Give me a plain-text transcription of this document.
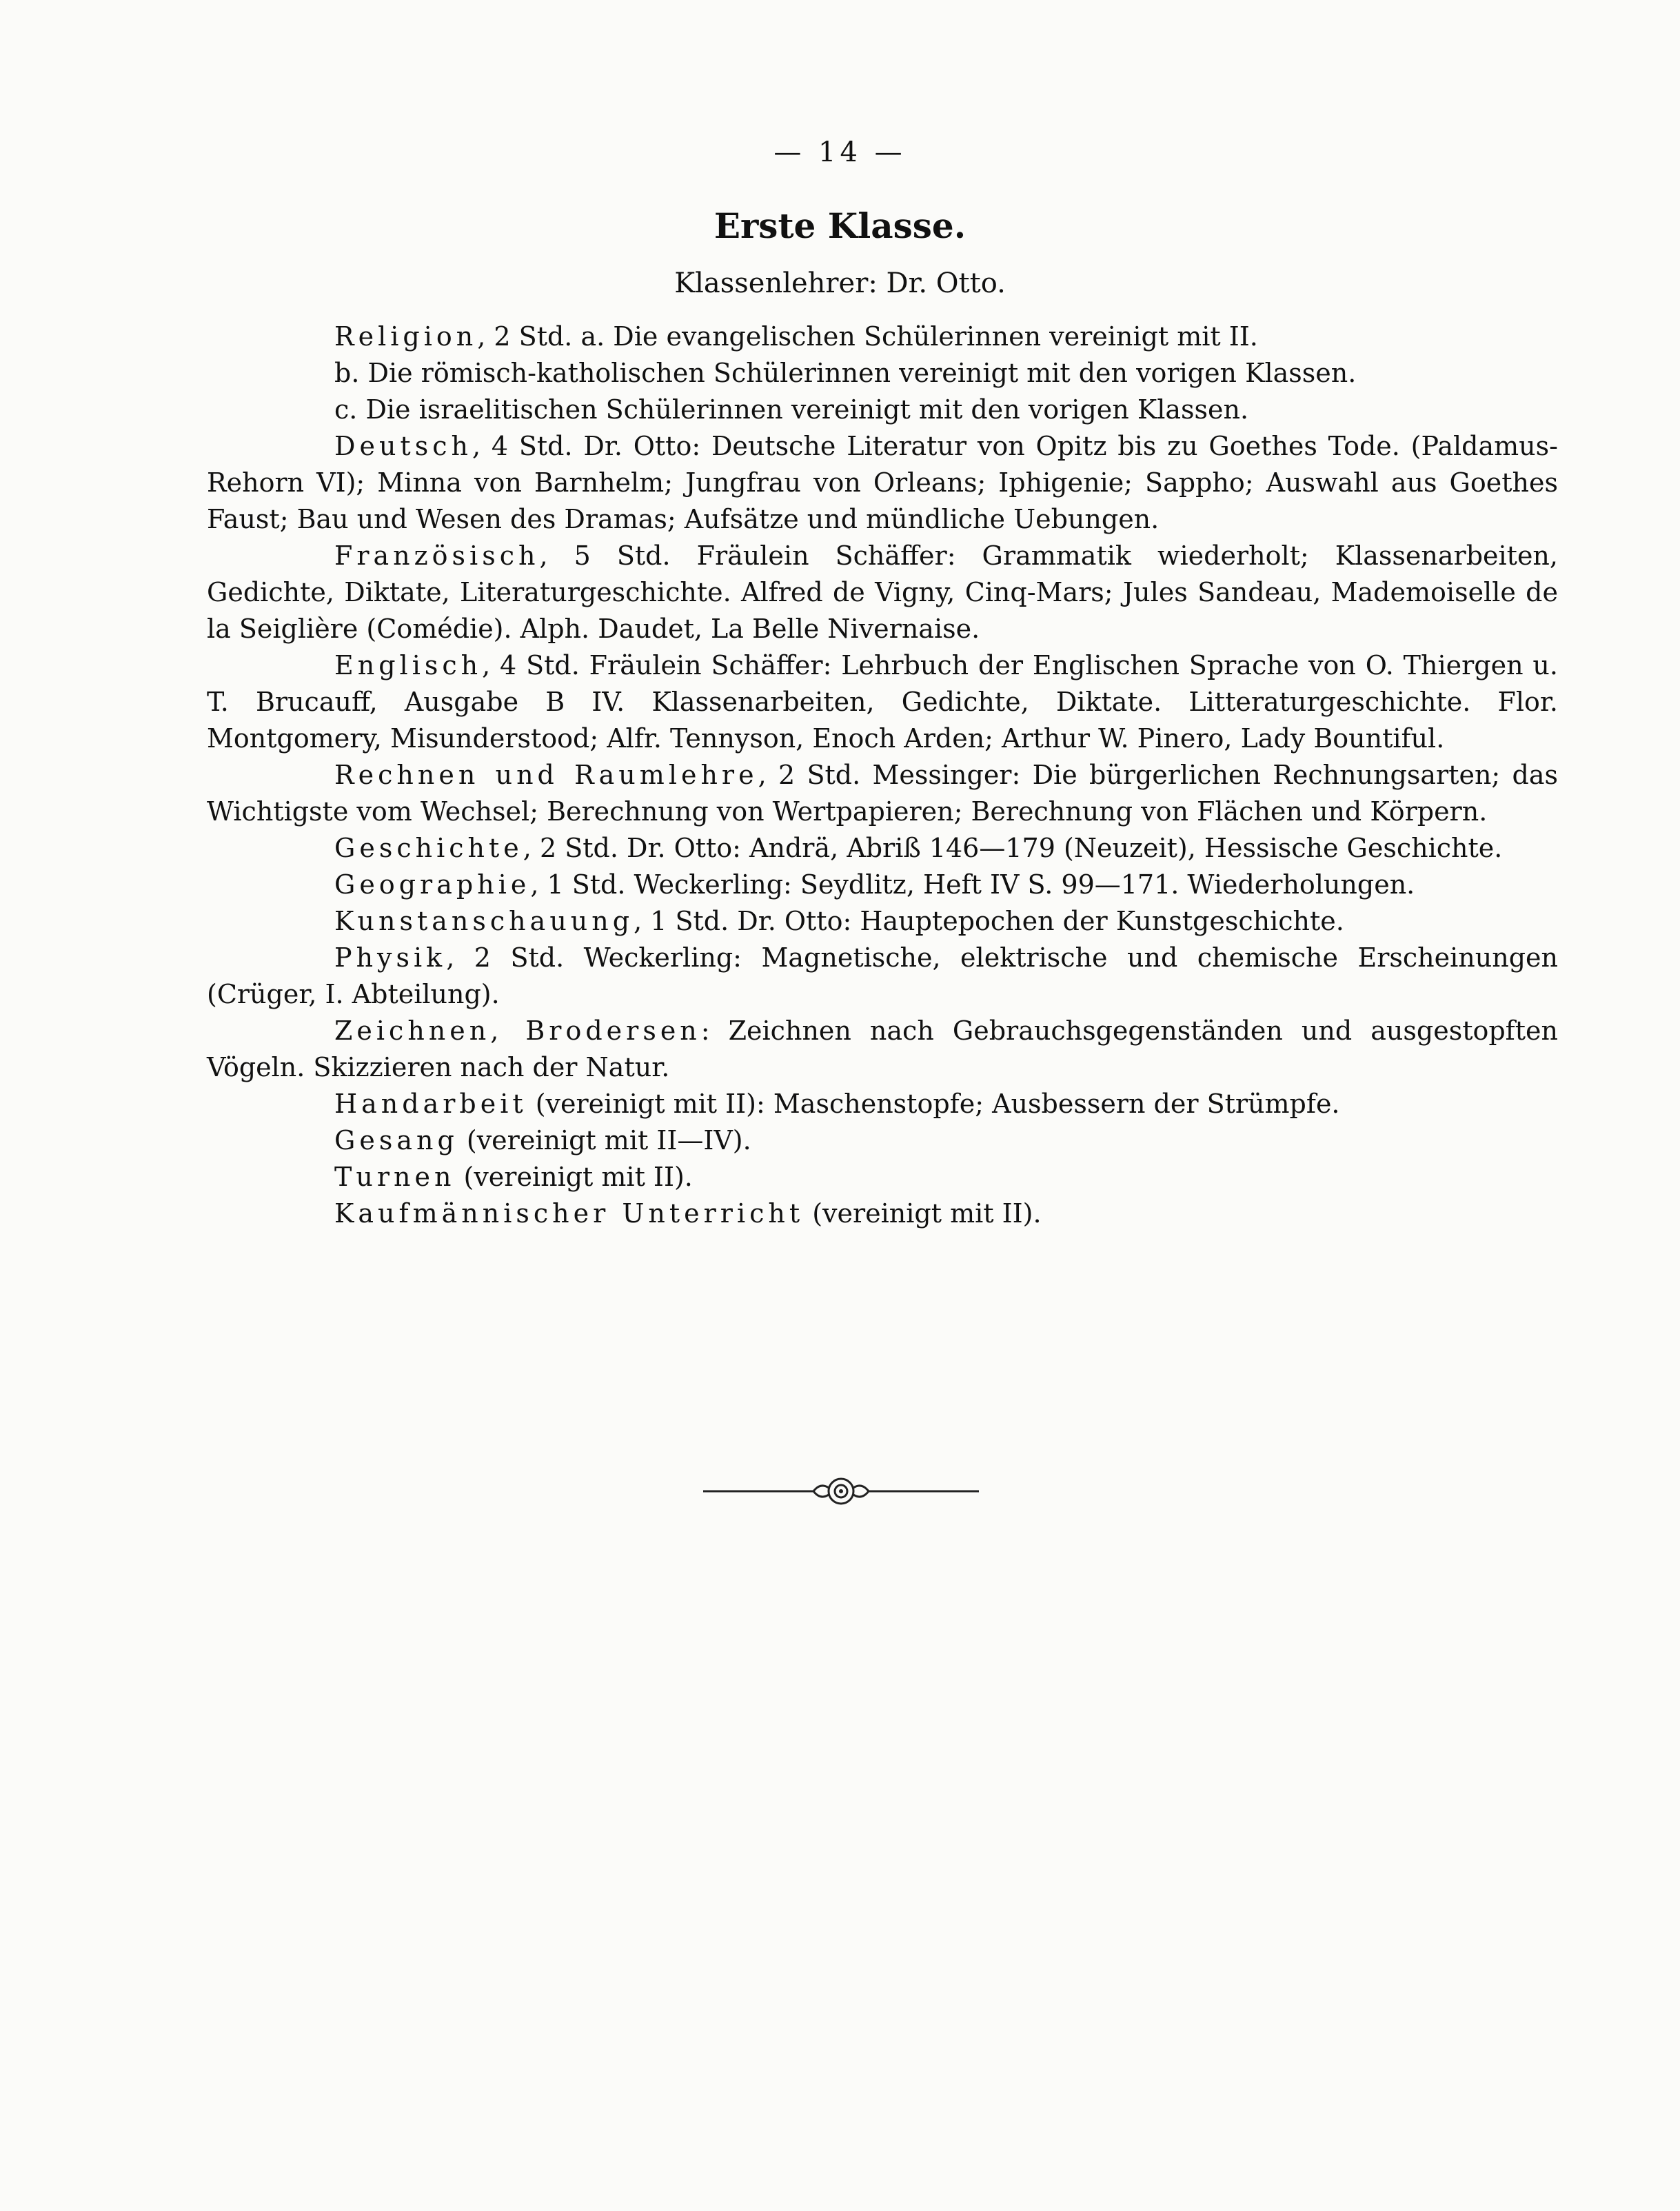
— 14 —
Erste Klasse.
Klassenlehrer: Dr. Otto.

Religion, 2 Std. a. Die evangelischen Schülerinnen vereinigt mit II.

b. Die römisch-katholischen Schülerinnen vereinigt mit den vorigen Klassen.

c. Die israelitischen Schülerinnen vereinigt mit den vorigen Klassen.

Deutsch, 4 Std. Dr. Otto: Deutsche Literatur von Opitz bis zu Goethes Tode. (Paldamus-Rehorn VI); Minna von Barnhelm; Jungfrau von Orleans; Iphigenie; Sappho; Auswahl aus Goethes Faust; Bau und Wesen des Dramas; Aufsätze und mündliche Uebungen.

Französisch, 5 Std. Fräulein Schäffer: Grammatik wiederholt; Klassenarbeiten, Gedichte, Diktate, Literaturgeschichte. Alfred de Vigny, Cinq-Mars; Jules Sandeau, Mademoiselle de la Seiglière (Comédie). Alph. Daudet, La Belle Nivernaise.

Englisch, 4 Std. Fräulein Schäffer: Lehrbuch der Englischen Sprache von O. Thiergen u. T. Brucauff, Ausgabe B IV. Klassenarbeiten, Gedichte, Diktate. Litteraturgeschichte. Flor. Montgomery, Misunderstood; Alfr. Tennyson, Enoch Arden; Arthur W. Pinero, Lady Bountiful.

Rechnen und Raumlehre, 2 Std. Messinger: Die bürgerlichen Rechnungsarten; das Wichtigste vom Wechsel; Berechnung von Wertpapieren; Berechnung von Flächen und Körpern.

Geschichte, 2 Std. Dr. Otto: Andrä, Abriß 146—179 (Neuzeit), Hessische Geschichte.

Geographie, 1 Std. Weckerling: Seydlitz, Heft IV S. 99—171. Wiederholungen.

Kunstanschauung, 1 Std. Dr. Otto: Hauptepochen der Kunstgeschichte.

Physik, 2 Std. Weckerling: Magnetische, elektrische und chemische Erscheinungen (Crüger, I. Abteilung).

Zeichnen, Brodersen: Zeichnen nach Gebrauchsgegenständen und ausgestopften Vögeln. Skizzieren nach der Natur.

Handarbeit (vereinigt mit II): Maschenstopfe; Ausbessern der Strümpfe.

Gesang (vereinigt mit II—IV).

Turnen (vereinigt mit II).

Kaufmännischer Unterricht (vereinigt mit II).
